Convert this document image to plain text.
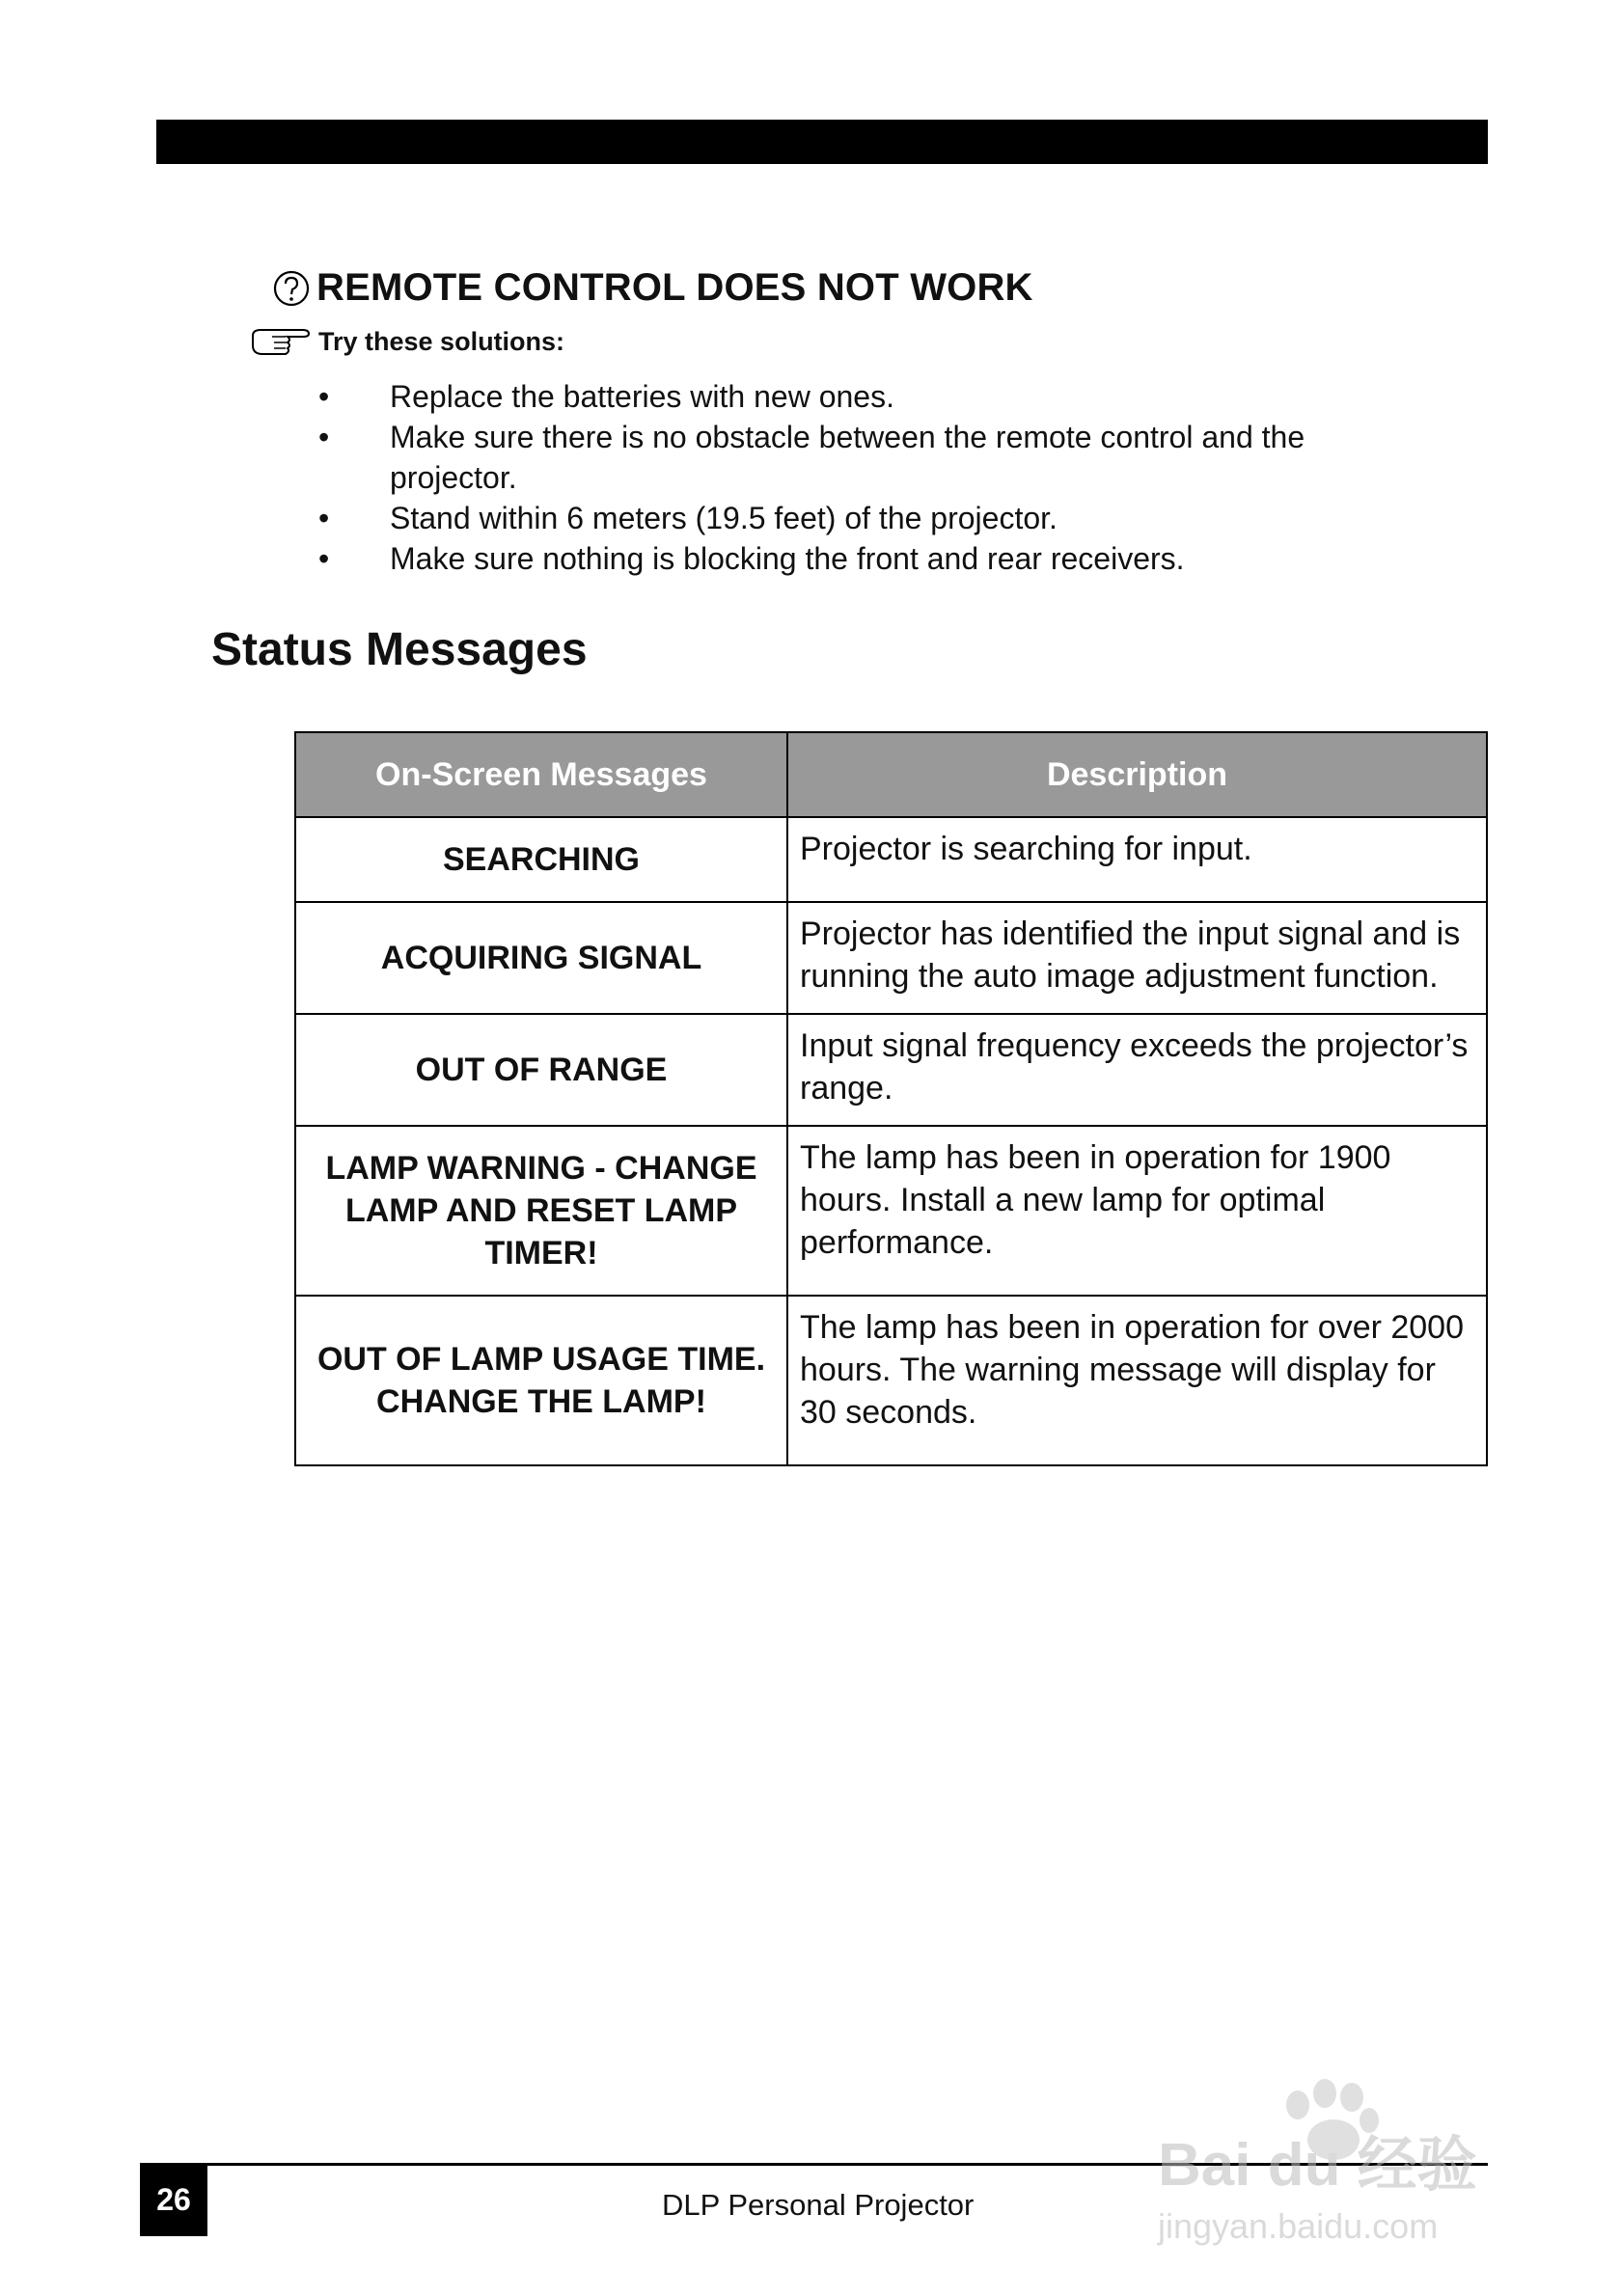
REMOTE CONTROL DOES NOT WORK
Try these solutions:
• Replace the batteries with new ones.
• Make sure there is no obstacle between the remote control and the projector.
• Stand within 6 meters (19.5 feet) of the projector.
• Make sure nothing is blocking the front and rear receivers.
Status Messages
On-Screen Messages	Description
SEARCHING	Projector is searching for input.
ACQUIRING SIGNAL	Projector has identified the input signal and is running the auto image adjustment function.
OUT OF RANGE	Input signal frequency exceeds the projector’s range.
LAMP WARNING - CHANGE LAMP AND RESET LAMP TIMER!	The lamp has been in operation for 1900 hours. Install a new lamp for optimal performance.
OUT OF LAMP USAGE TIME. CHANGE THE LAMP!	The lamp has been in operation for over 2000 hours. The warning message will display for 30 seconds.
26	DLP Personal Projector
Bai du 经验
jingyan.baidu.com
